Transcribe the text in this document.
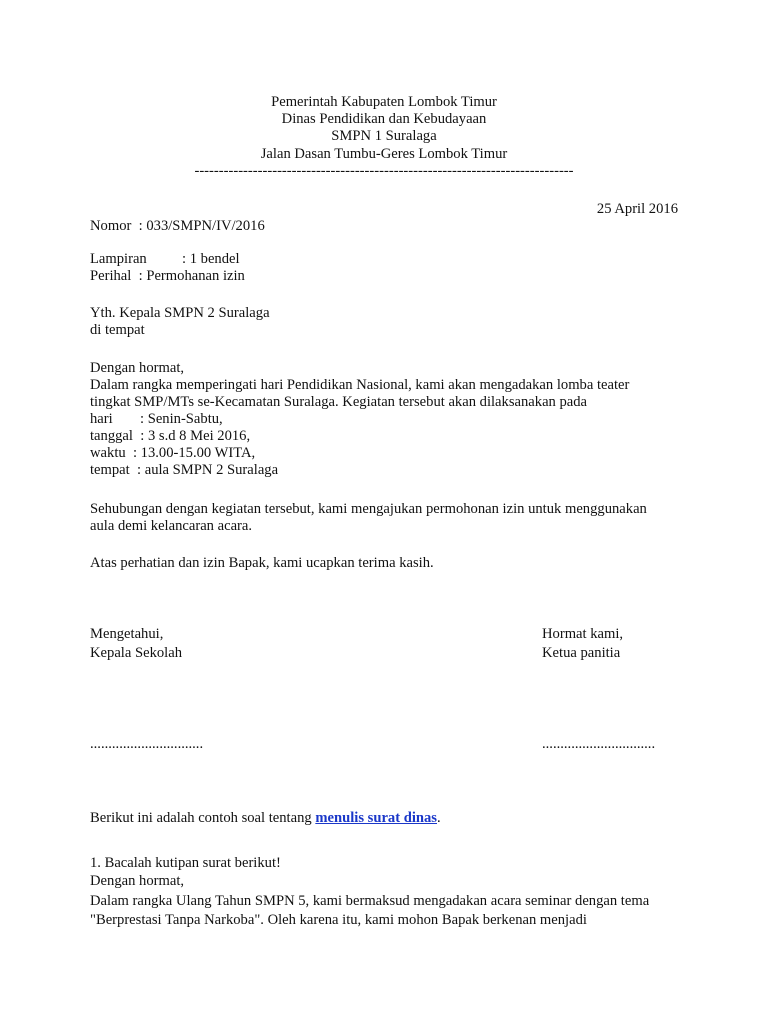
Pemerintah Kabupaten Lombok Timur
Dinas Pendidikan dan Kebudayaan
SMPN 1 Suralaga
Jalan Dasan Tumbu-Geres Lombok Timur
------------------------------------------------------------------------------
25 April 2016
Nomor : 033/SMPN/IV/2016
Lampiran : 1 bendel
Perihal : Permohanan izin
Yth. Kepala SMPN 2 Suralaga
di tempat
Dengan hormat,
Dalam rangka memperingati hari Pendidikan Nasional, kami akan mengadakan lomba teater
tingkat SMP/MTs se-Kecamatan Suralaga. Kegiatan tersebut akan dilaksanakan pada
hari : Senin-Sabtu,
tanggal : 3 s.d 8 Mei 2016,
waktu : 13.00-15.00 WITA,
tempat : aula SMPN 2 Suralaga
Sehubungan dengan kegiatan tersebut, kami mengajukan permohonan izin untuk menggunakan
aula demi kelancaran acara.
Atas perhatian dan izin Bapak, kami ucapkan terima kasih.
Mengetahui,
Kepala Sekolah
...............................
Hormat kami,
Ketua panitia
...............................
Berikut ini adalah contoh soal tentang menulis surat dinas.
1. Bacalah kutipan surat berikut!
Dengan hormat,
Dalam rangka Ulang Tahun SMPN 5, kami bermaksud mengadakan acara seminar dengan tema
"Berprestasi Tanpa Narkoba". Oleh karena itu, kami mohon Bapak berkenan menjadi
